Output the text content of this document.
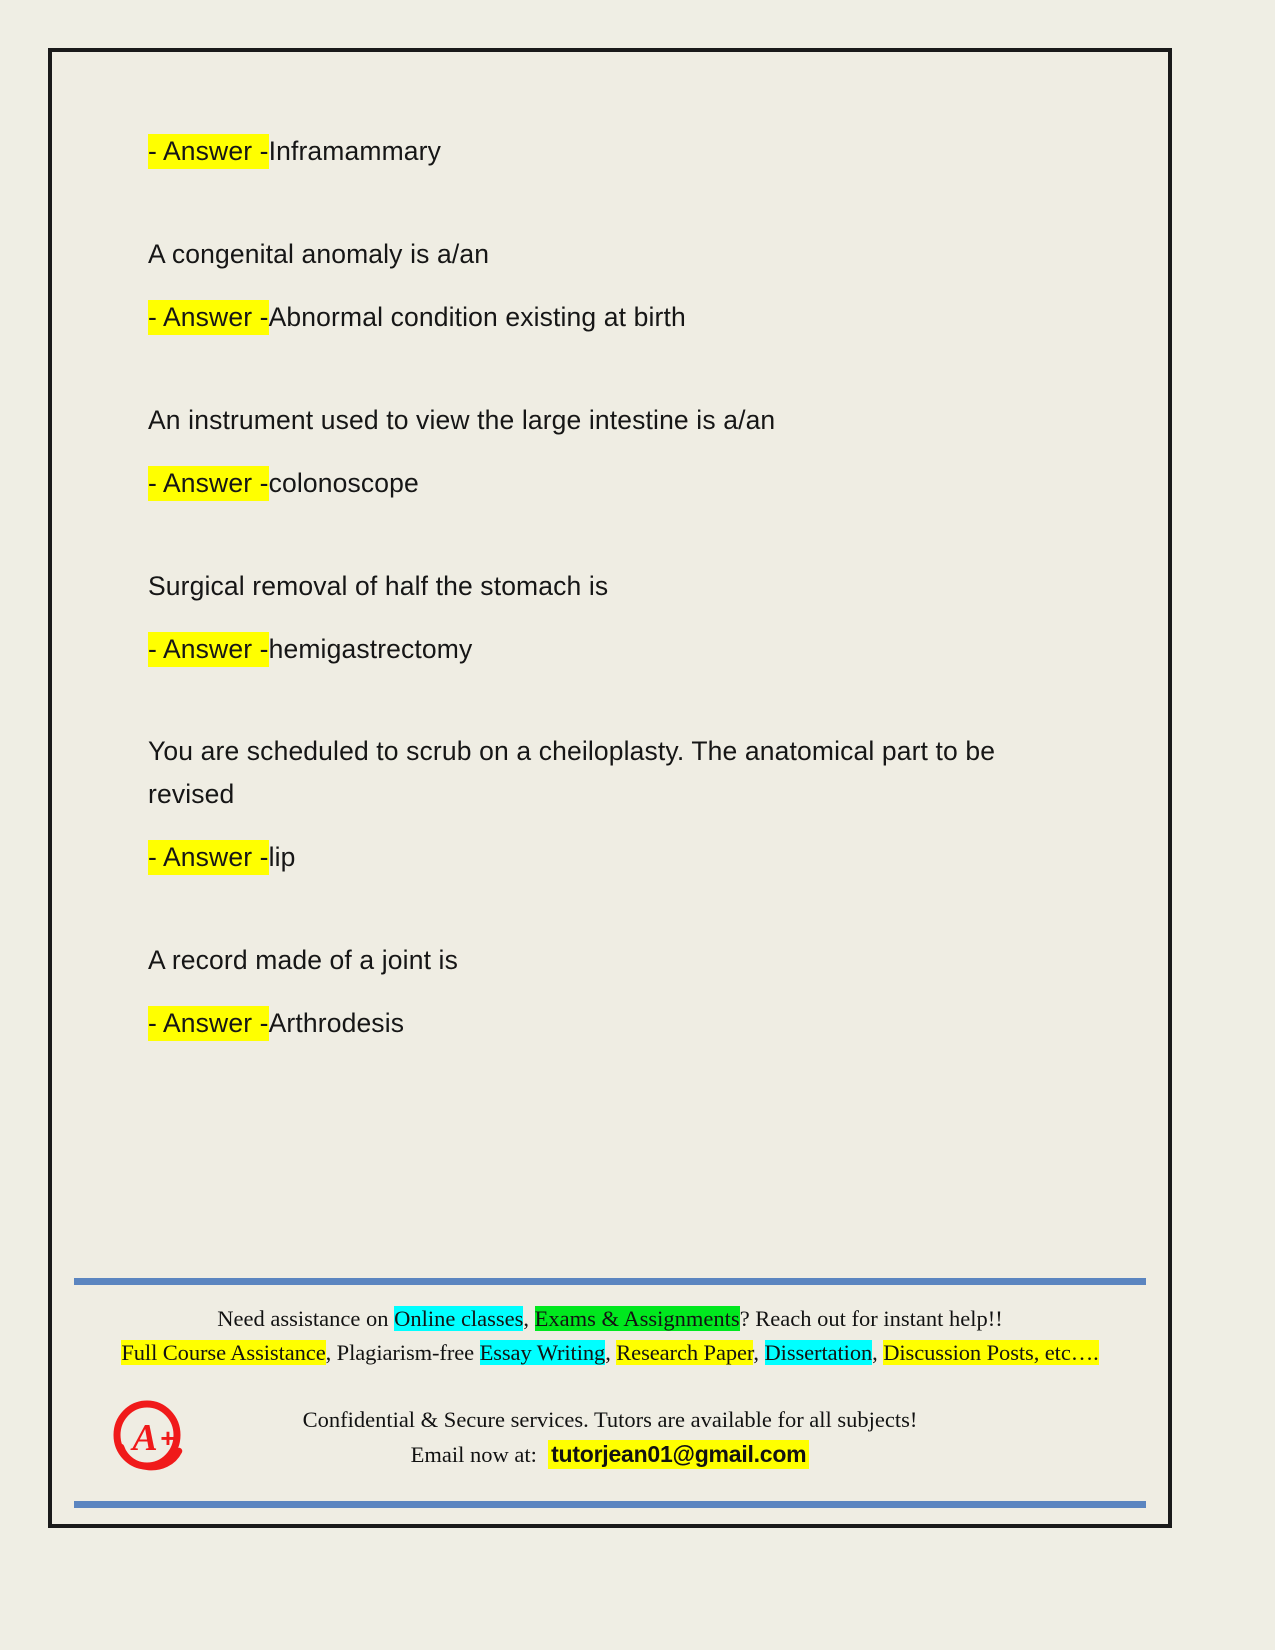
- Answer -Inframammary

A congenital anomaly is a/an

- Answer -Abnormal condition existing at birth

An instrument used to view the large intestine is a/an

- Answer -colonoscope

Surgical removal of half the stomach is

- Answer -hemigastrectomy

You are scheduled to scrub on a cheiloplasty. The anatomical part to be revised

- Answer -lip

A record made of a joint is

- Answer -Arthrodesis

Need assistance on Online classes, Exams & Assignments? Reach out for instant help!!
Full Course Assistance, Plagiarism-free Essay Writing, Research Paper, Dissertation, Discussion Posts, etc….
A +
Confidential & Secure services. Tutors are available for all subjects!
Email now at: tutorjean01@gmail.com
